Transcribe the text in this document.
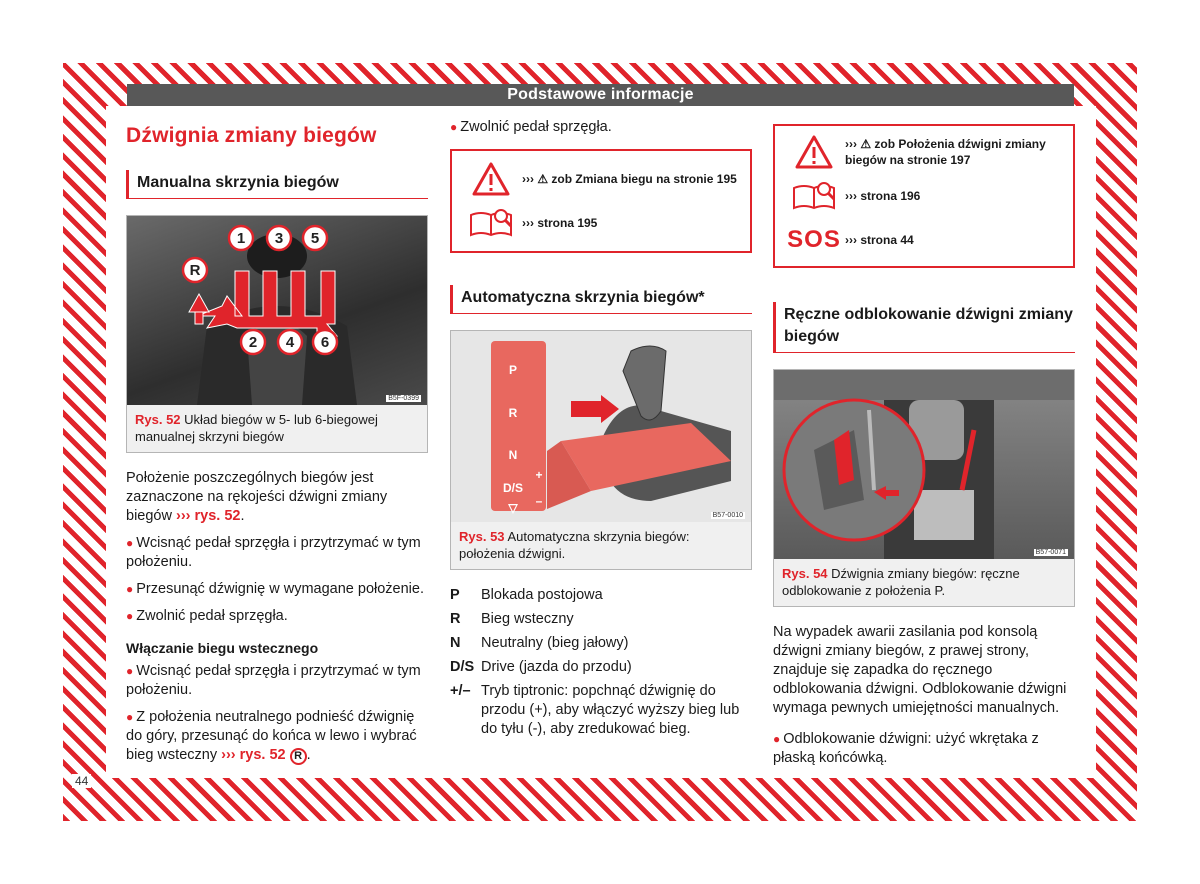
44
Podstawowe informacje
Dźwignia zmiany biegów
Manualna skrzynia biegów
1 3 5
R
2 4 6
B5F-0399
Rys. 52 Układ biegów w 5- lub 6-biegowej manualnej skrzyni biegów

Położenie poszczególnych biegów jest zaznaczone na rękojeści dźwigni zmiany biegów ››› rys. 52.

● Wcisnąć pedał sprzęgła i przytrzymać w tym położeniu.

● Przesunąć dźwignię w wymagane położenie.

● Zwolnić pedał sprzęgła.

Włączanie biegu wstecznego

● Wcisnąć pedał sprzęgła i przytrzymać w tym położeniu.

● Z położenia neutralnego podnieść dźwignię do góry, przesunąć do końca w lewo i wybrać bieg wsteczny ››› rys. 52 R .

● Zwolnić pedał sprzęgła.

››› ⚠ zob Zmiana biegu na stronie 195
››› strona 195
Automatyczna skrzynia biegów*
P
R
N
D/S
+
–
▽
B57-0010
Rys. 53 Automatyczna skrzynia biegów: położenia dźwigni.
P	Blokada postojowa
R	Bieg wsteczny
N	Neutralny (bieg jałowy)
D/S Drive (jazda do przodu)
+/– Tryb tiptronic: popchnąć dźwignię do przodu (+), aby włączyć wyższy bieg lub do tyłu (-), aby zredukować bieg.
››› ⚠ zob Położenia dźwigni zmiany biegów na stronie 197
››› strona 196
SOS ››› strona 44
Ręczne odblokowanie dźwigni zmiany biegów
B57-0071
Rys. 54 Dźwignia zmiany biegów: ręczne odblokowanie z położenia P.

Na wypadek awarii zasilania pod konsolą dźwigni zmiany biegów, z prawej strony, znajduje się zapadka do ręcznego odblokowania dźwigni. Odblokowanie dźwigni wymaga pewnych umiejętności manualnych.

● Odblokowanie dźwigni: użyć wkrętaka z płaską końcówką.
